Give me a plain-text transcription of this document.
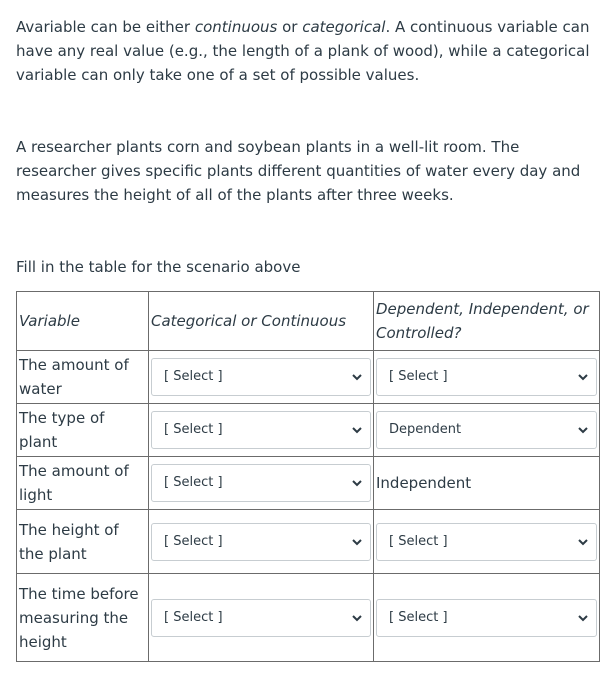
Avariable can be either continuous or categorical. A continuous variable can have any real value (e.g., the length of a plank of wood), while a categorical variable can only take one of a set of possible values.

A researcher plants corn and soybean plants in a well-lit room. The researcher gives specific plants different quantities of water every day and measures the height of all of the plants after three weeks.

Fill in the table for the scenario above

Variable	Categorical or Continuous	Dependent, Independent, or Controlled?
The amount of water	[ Select ]	[ Select ]

The type of plant	[ Select ]	Dependent

The amount of light	[ Select ]	Independent
The height of the plant	[ Select ]	[ Select ]

The time before measuring the height	[ Select ]	[ Select ]
